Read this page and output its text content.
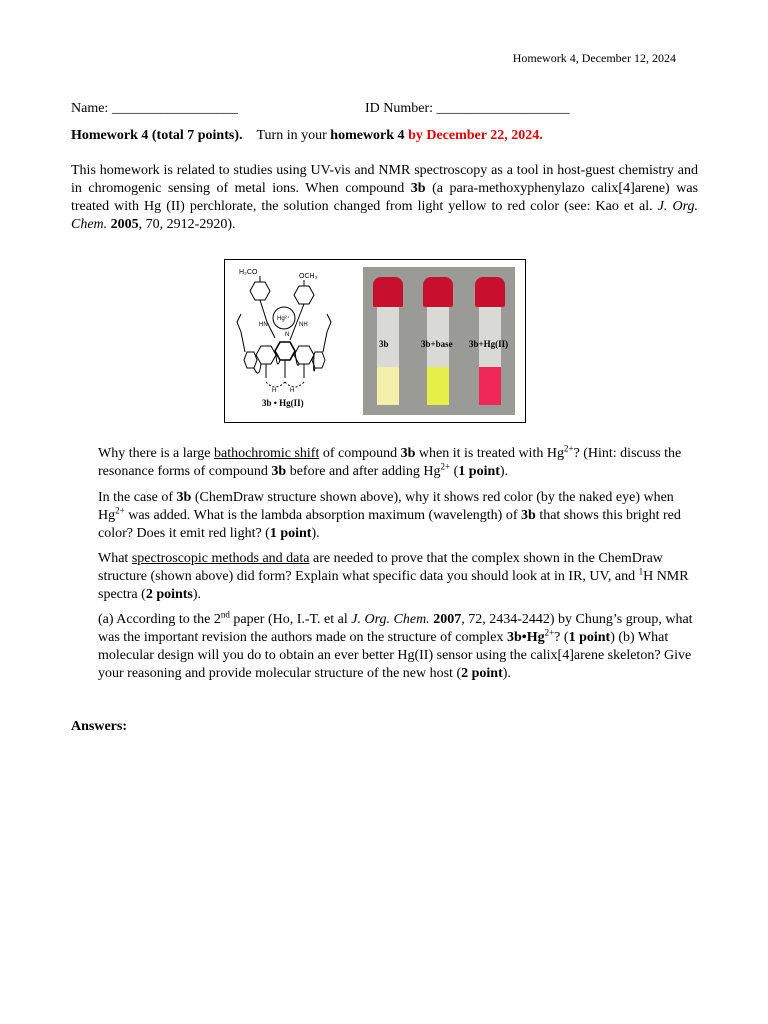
Homework 4, December 12, 2024
Name: __________________	ID Number: ___________________
Homework 4 (total 7 points). Turn in your homework 4 by December 22, 2024.
This homework is related to studies using UV-vis and NMR spectroscopy as a tool in host-guest chemistry and in chromogenic sensing of metal ions. When compound 3b (a para-methoxyphenylazo calix[4]arene) was treated with Hg (II) perchlorate, the solution changed from light yellow to red color (see: Kao et al. J. Org. Chem. 2005, 70, 2912-2920).
H₃CO
OCH₃
Hg²⁺
HN	NH
N
H H
3b • Hg(II)
3b	3b+base 3b+Hg(II)
Why there is a large bathochromic shift of compound 3b when it is treated with $Hg^{2+}$? (Hint: discuss the resonance forms of compound 3b before and after adding $Hg^{2+}$ (1 point).
In the case of 3b (ChemDraw structure shown above), why it shows red color (by the naked eye) when $Hg^{2+}$ was added. What is the lambda absorption maximum (wavelength) of 3b that shows this bright red color? Does it emit red light? (1 point).
What spectroscopic methods and data are needed to prove that the complex shown in the ChemDraw structure (shown above) did form? Explain what specific data you should look at in IR, UV, and $^1$H NMR spectra (2 points).
(a) According to the 2nd paper (Ho, I.-T. et al J. Org. Chem. 2007, 72, 2434-2442) by Chung’s group, what was the important revision the authors made on the structure of complex $3b•Hg^{2+}$? (1 point) (b) What molecular design will you do to obtain an ever better Hg(II) sensor using the calix[4]arene skeleton? Give your reasoning and provide molecular structure of the new host (2 point).
Answers:
